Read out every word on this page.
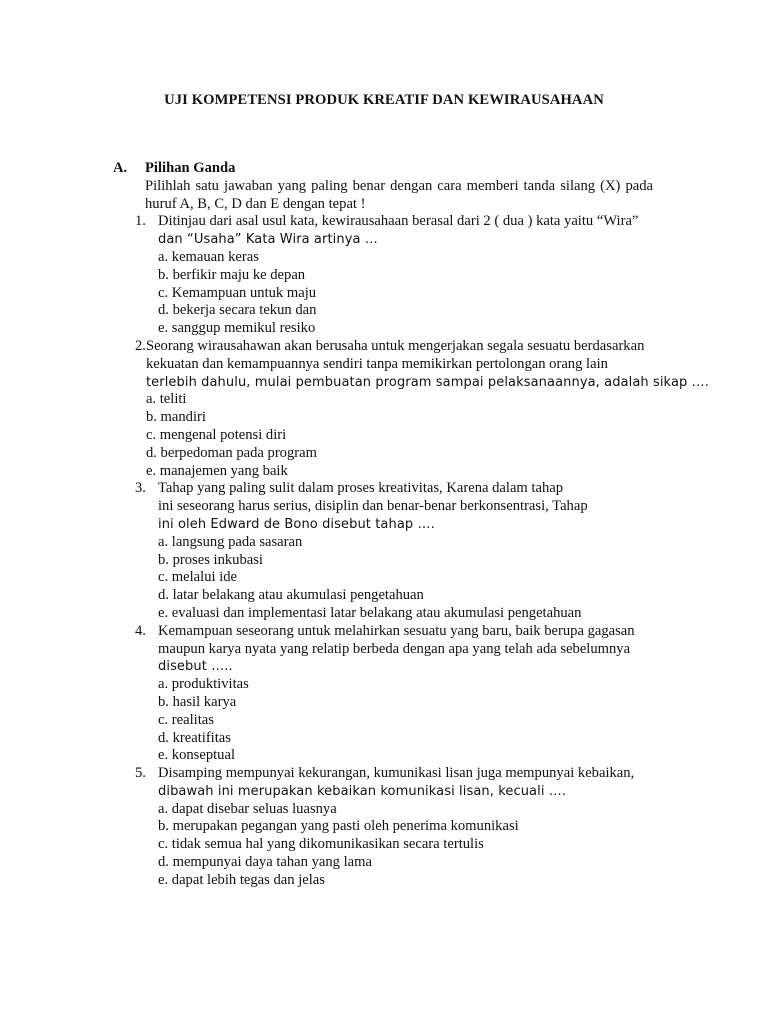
UJI KOMPETENSI PRODUK KREATIF DAN KEWIRAUSAHAAN
A.	Pilihan Ganda

Pilihlah satu jawaban yang paling benar dengan cara memberi tanda silang (X) pada

huruf A, B, C, D dan E dengan tepat !

1. Ditinjau dari asal usul kata, kewirausahaan berasal dari 2 ( dua ) kata yaitu “Wira”
dan “Usaha” Kata Wira artinya …
a. kemauan keras
b. berfikir maju ke depan
c. Kemampuan untuk maju
d. bekerja secara tekun dan
e. sanggup memikul resiko
2. Seorang wirausahawan akan berusaha untuk mengerjakan segala sesuatu berdasarkan
kekuatan dan kemampuannya sendiri tanpa memikirkan pertolongan orang lain
terlebih dahulu, mulai pembuatan program sampai pelaksanaannya, adalah sikap ….
a. teliti
b. mandiri
c. mengenal potensi diri
d. berpedoman pada program
e. manajemen yang baik
3. Tahap yang paling sulit dalam proses kreativitas, Karena dalam tahap
ini seseorang harus serius, disiplin dan benar-benar berkonsentrasi, Tahap
ini oleh Edward de Bono disebut tahap ….
a. langsung pada sasaran
b. proses inkubasi
c. melalui ide
d. latar belakang atau akumulasi pengetahuan
e. evaluasi dan implementasi latar belakang atau akumulasi pengetahuan
4. Kemampuan seseorang untuk melahirkan sesuatu yang baru, baik berupa gagasan
maupun karya nyata yang relatip berbeda dengan apa yang telah ada sebelumnya
disebut …..
a. produktivitas
b. hasil karya
c. realitas
d. kreatifitas
e. konseptual
5. Disamping mempunyai kekurangan, kumunikasi lisan juga mempunyai kebaikan,
dibawah ini merupakan kebaikan komunikasi lisan, kecuali ….
a. dapat disebar seluas luasnya
b. merupakan pegangan yang pasti oleh penerima komunikasi
c. tidak semua hal yang dikomunikasikan secara tertulis
d. mempunyai daya tahan yang lama
e. dapat lebih tegas dan jelas
